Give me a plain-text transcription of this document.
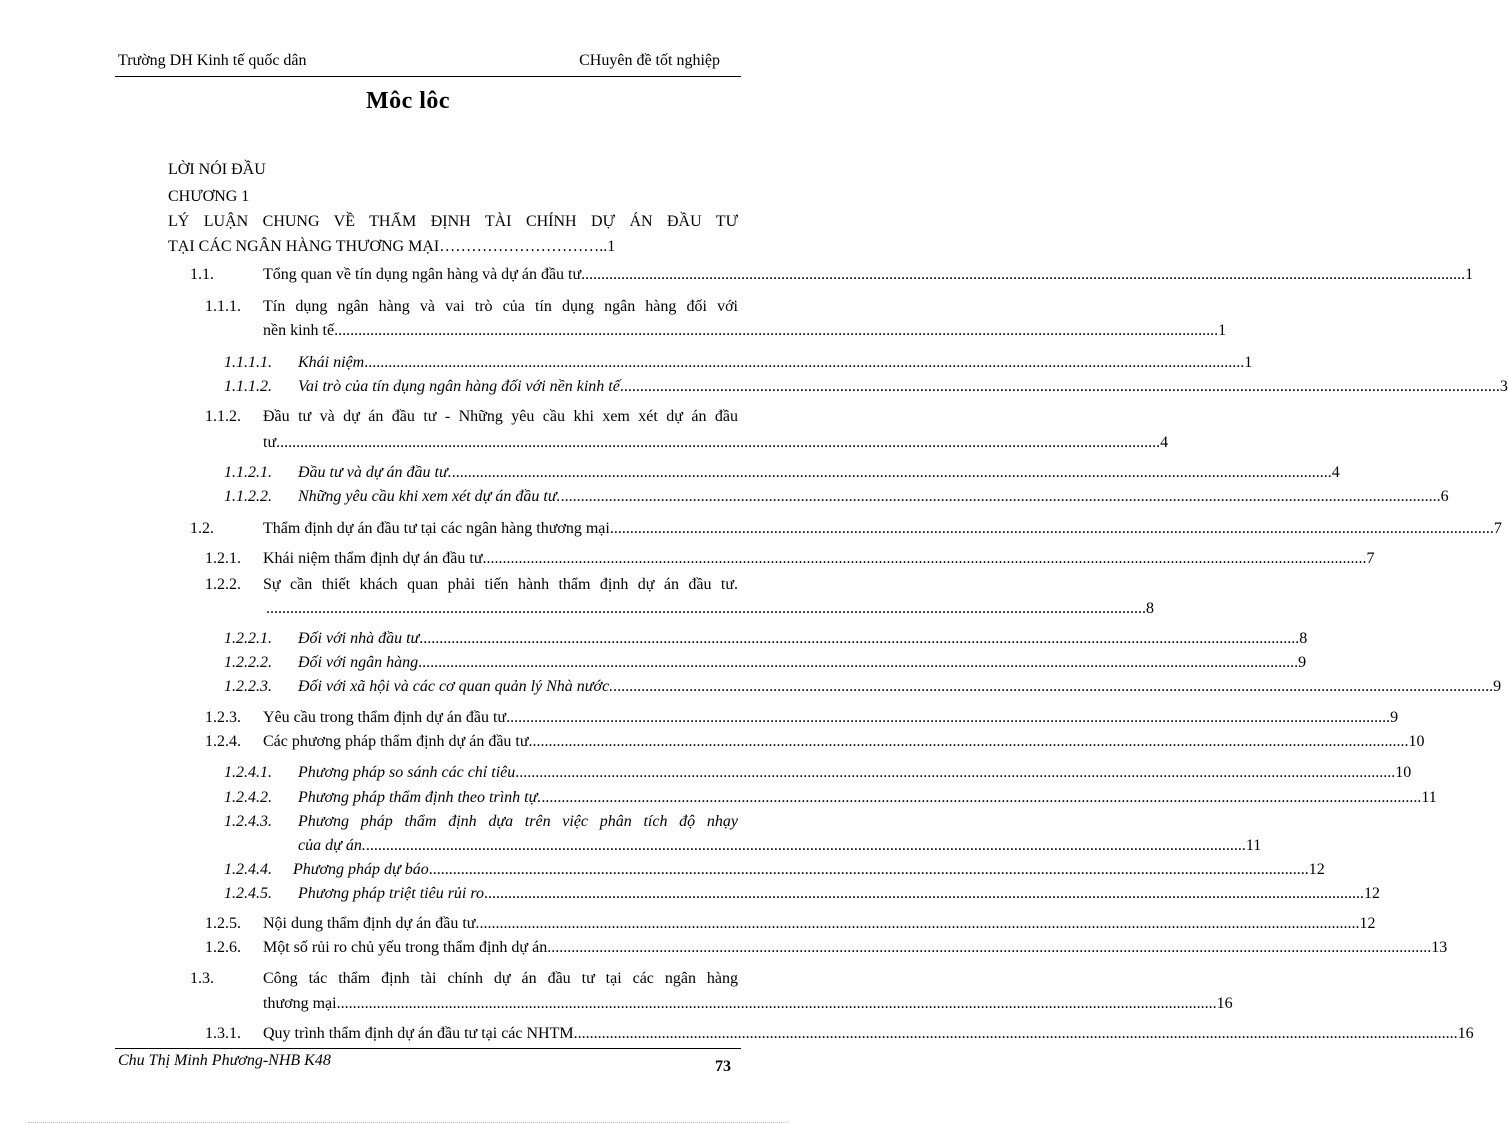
Trường DH Kinh tế quốc dân	CHuyên đề tốt nghiệp
Môc lôc
LỜI NÓI ĐẦU
CHƯƠNG 1
LÝ LUẬN CHUNG VỀ THẨM ĐỊNH TÀI CHÍNH DỰ ÁN ĐẦU TƯ
TẠI CÁC NGÂN HÀNG THƯƠNG MẠI…………………………..1
1.1.	Tổng quan về tín dụng ngân hàng và dự án đầu tư. ............................................................................................................................................................................................................................ 1
1.1.1. Tín dụng ngân hàng và vai trò của tín dụng ngân hàng đối với
nền kinh tế. ............................................................................................................................................................................................................................ 1
1.1.1.1. Khái niệm ............................................................................................................................................................................................................................ 1
1.1.1.2. Vai trò của tín dụng ngân hàng đối với nền kinh tế ............................................................................................................................................................................................................................ 3
1.1.2. Đầu tư và dự án đầu tư - Những yêu cầu khi xem xét dự án đầu
tư. ............................................................................................................................................................................................................................ 4
1.1.2.1. Đầu tư và dự án đầu tư. ............................................................................................................................................................................................................................ 4
1.1.2.2. Những yêu cầu khi xem xét dự án đầu tư. ............................................................................................................................................................................................................................ 6
1.2.	Thẩm định dự án đầu tư tại các ngân hàng thương mại. ............................................................................................................................................................................................................................ 7
1.2.1. Khái niệm thẩm định dự án đầu tư. ............................................................................................................................................................................................................................ 7
1.2.2. Sự cần thiết khách quan phải tiến hành thẩm định dự án đầu tư.
............................................................................................................................................................................................................................ 8
1.2.2.1. Đối với nhà đầu tư ............................................................................................................................................................................................................................ 8
1.2.2.2. Đối với ngân hàng ............................................................................................................................................................................................................................ 9
1.2.2.3. Đối với xã hội và các cơ quan quản lý Nhà nước. ............................................................................................................................................................................................................................ 9
1.2.3. Yêu cầu trong thẩm định dự án đầu tư. ............................................................................................................................................................................................................................ 9
1.2.4. Các phương pháp thẩm định dự án đầu tư ............................................................................................................................................................................................................................ 10
1.2.4.1. Phương pháp so sánh các chỉ tiêu ............................................................................................................................................................................................................................ 10
1.2.4.2. Phương pháp thẩm định theo trình tự. ............................................................................................................................................................................................................................ 11
1.2.4.3. Phương pháp thẩm định dựa trên việc phân tích độ nhạy
của dự án. ............................................................................................................................................................................................................................ 11
1.2.4.4. Phương pháp dự báo ............................................................................................................................................................................................................................ 12
1.2.4.5. Phương pháp triệt tiêu rủi ro ............................................................................................................................................................................................................................ 12
1.2.5. Nội dung thẩm định dự án đầu tư. ............................................................................................................................................................................................................................ 12
1.2.6. Một số rủi ro chủ yếu trong thẩm định dự án. ............................................................................................................................................................................................................................ 13
1.3.	Công tác thẩm định tài chính dự án đầu tư tại các ngân hàng
thương mại ............................................................................................................................................................................................................................ 16
1.3.1. Quy trình thẩm định dự án đầu tư tại các NHTM. ............................................................................................................................................................................................................................ 16
Chu Thị Minh Phương-NHB K48	73
